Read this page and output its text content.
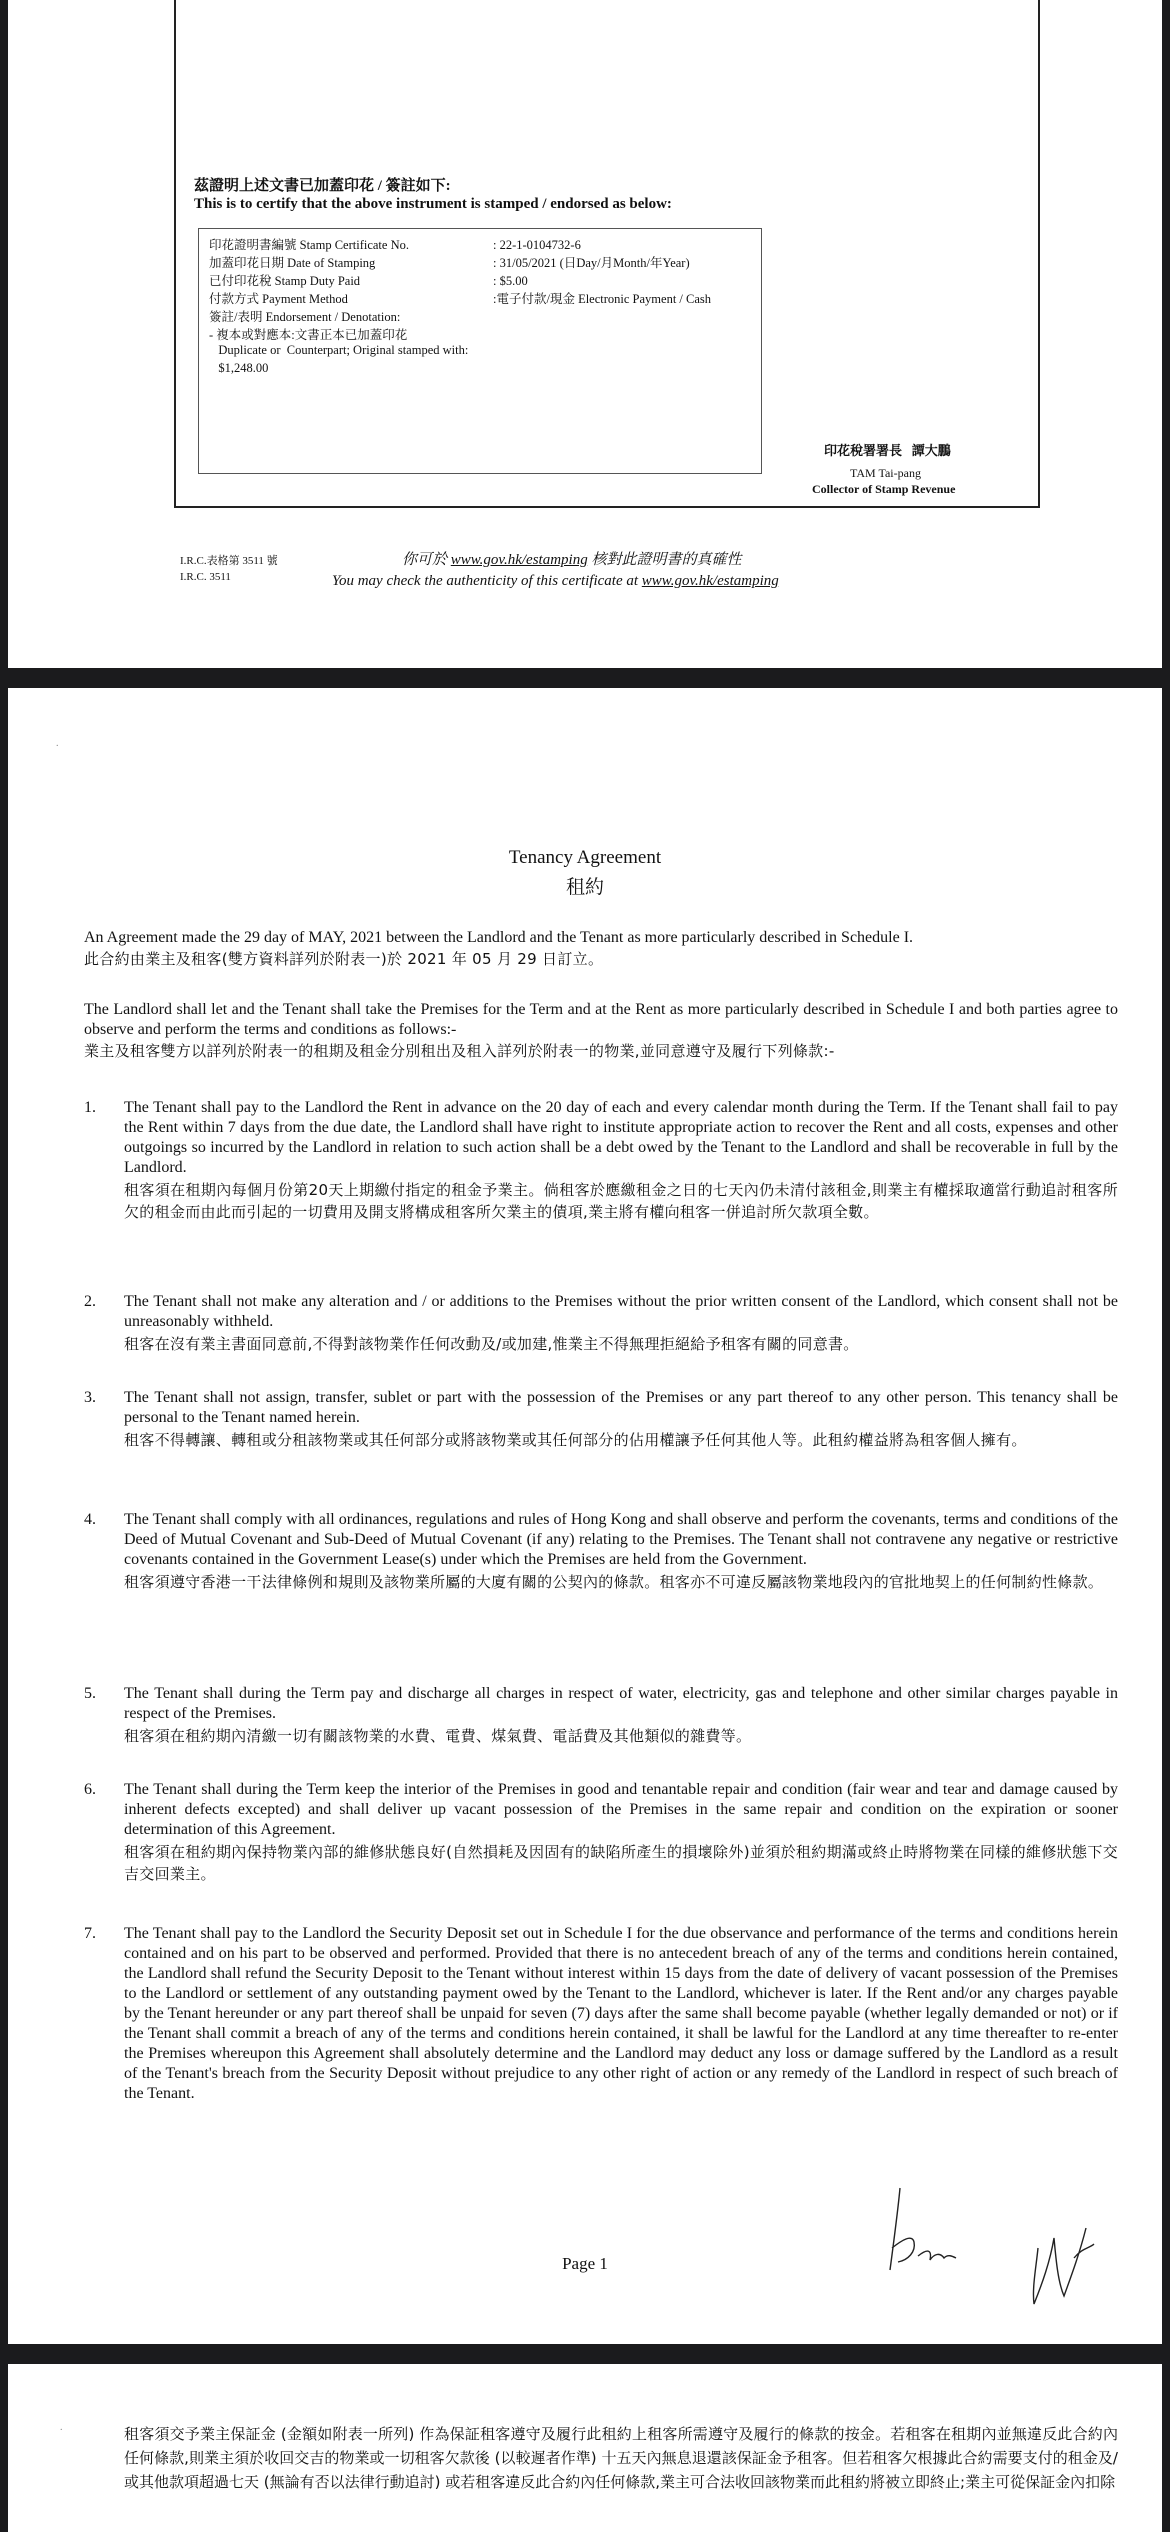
茲證明上述文書已加蓋印花 / 簽註如下:
This is to certify that the above instrument is stamped / endorsed as below:
印花證明書編號 Stamp Certificate No.	: 22-1-0104732-6
加蓋印花日期 Date of Stamping	: 31/05/2021 (日Day/月Month/年Year)
已付印花稅 Stamp Duty Paid	: $5.00
付款方式 Payment Method	:電子付款/現金 Electronic Payment / Cash
簽註/表明 Endorsement / Denotation:
- 複本或對應本:文書正本已加蓋印花
Duplicate or  Counterpart; Original stamped with:
$1,248.00
印花稅署署長   譚大鵬
TAM Tai-pang
Collector of Stamp Revenue
I.R.C.表格第 3511 號
I.R.C. 3511
你可於 www.gov.hk/estamping 核對此證明書的真確性
You may check the authenticity of this certificate at www.gov.hk/estamping
.
Tenancy Agreement
租約
An Agreement made the 29 day of MAY, 2021 between the Landlord and the Tenant as more particularly described in Schedule I.
此合約由業主及租客(雙方資料詳列於附表一)於 2021 年 05 月 29 日訂立。
The Landlord shall let and the Tenant shall take the Premises for the Term and at the Rent as more particularly described in Schedule I and both parties agree to observe and perform the terms and conditions as follows:-
業主及租客雙方以詳列於附表一的租期及租金分別租出及租入詳列於附表一的物業,並同意遵守及履行下列條款:-
1. The Tenant shall pay to the Landlord the Rent in advance on the 20 day of each and every calendar month during the Term. If the Tenant shall fail to pay the Rent within 7 days from the due date, the Landlord shall have right to institute appropriate action to recover the Rent and all costs, expenses and other outgoings so incurred by the Landlord in relation to such action shall be a debt owed by the Tenant to the Landlord and shall be recoverable in full by the Landlord.
租客須在租期內每個月份第20天上期繳付指定的租金予業主。倘租客於應繳租金之日的七天內仍未清付該租金,則業主有權採取適當行動追討租客所欠的租金而由此而引起的一切費用及開支將構成租客所欠業主的債項,業主將有權向租客一併追討所欠款項全數。
2. The Tenant shall not make any alteration and / or additions to the Premises without the prior written consent of the Landlord, which consent shall not be unreasonably withheld.
租客在沒有業主書面同意前,不得對該物業作任何改動及/或加建,惟業主不得無理拒絕給予租客有關的同意書。
3. The Tenant shall not assign, transfer, sublet or part with the possession of the Premises or any part thereof to any other person. This tenancy shall be personal to the Tenant named herein.
租客不得轉讓、轉租或分租該物業或其任何部分或將該物業或其任何部分的佔用權讓予任何其他人等。此租約權益將為租客個人擁有。
4. The Tenant shall comply with all ordinances, regulations and rules of Hong Kong and shall observe and perform the covenants, terms and conditions of the Deed of Mutual Covenant and Sub-Deed of Mutual Covenant (if any) relating to the Premises. The Tenant shall not contravene any negative or restrictive covenants contained in the Government Lease(s) under which the Premises are held from the Government.
租客須遵守香港一干法律條例和規則及該物業所屬的大廈有關的公契內的條款。租客亦不可違反屬該物業地段內的官批地契上的任何制約性條款。
5. The Tenant shall during the Term pay and discharge all charges in respect of water, electricity, gas and telephone and other similar charges payable in respect of the Premises.
租客須在租約期內清繳一切有關該物業的水費、電費、煤氣費、電話費及其他類似的雜費等。
6. The Tenant shall during the Term keep the interior of the Premises in good and tenantable repair and condition (fair wear and tear and damage caused by inherent defects excepted) and shall deliver up vacant possession of the Premises in the same repair and condition on the expiration or sooner determination of this Agreement.
租客須在租約期內保持物業內部的維修狀態良好(自然損耗及因固有的缺陷所產生的損壞除外)並須於租約期滿或終止時將物業在同樣的維修狀態下交吉交回業主。
7. The Tenant shall pay to the Landlord the Security Deposit set out in Schedule I for the due observance and performance of the terms and conditions herein contained and on his part to be observed and performed. Provided that there is no antecedent breach of any of the terms and conditions herein contained, the Landlord shall refund the Security Deposit to the Tenant without interest within 15 days from the date of delivery of vacant possession of the Premises to the Landlord or settlement of any outstanding payment owed by the Tenant to the Landlord, whichever is later. If the Rent and/or any charges payable by the Tenant hereunder or any part thereof shall be unpaid for seven (7) days after the same shall become payable (whether legally demanded or not) or if the Tenant shall commit a breach of any of the terms and conditions herein contained, it shall be lawful for the Landlord at any time thereafter to re-enter the Premises whereupon this Agreement shall absolutely determine and the Landlord may deduct any loss or damage suffered by the Landlord as a result of the Tenant's breach from the Security Deposit without prejudice to any other right of action or any remedy of the Landlord in respect of such breach of the Tenant.
Page 1
.	租客須交予業主保証金 (金額如附表一所列) 作為保証租客遵守及履行此租約上租客所需遵守及履行的條款的按金。若租客在租期內並無違反此合約內任何條款,則業主須於收回交吉的物業或一切租客欠款後 (以較遲者作準) 十五天內無息退還該保証金予租客。但若租客欠根據此合約需要支付的租金及/或其他款項超過七天 (無論有否以法律行動追討) 或若租客違反此合約內任何條款,業主可合法收回該物業而此租約將被立即終止;業主可從保証金內扣除
